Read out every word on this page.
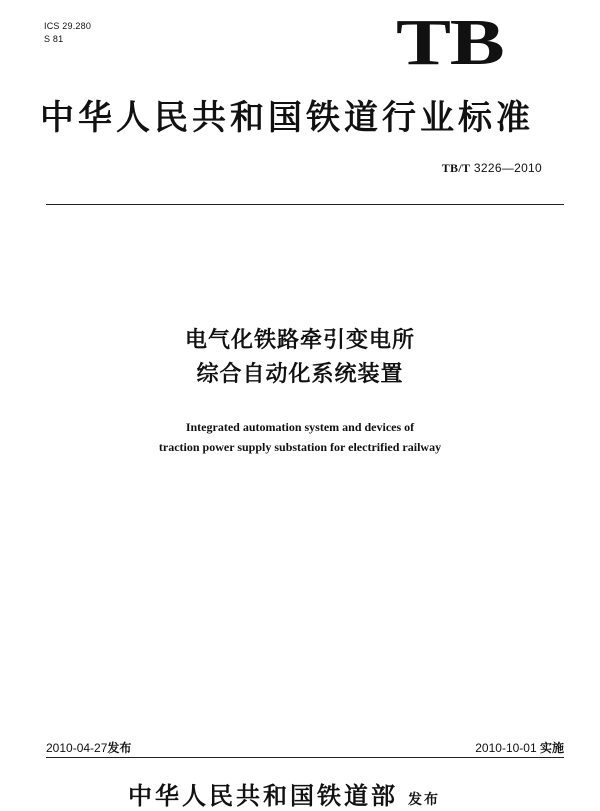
ICS 29.280
S 81	TB
中华人民共和国铁道行业标准
TB/T 3226—2010
电气化铁路牵引变电所
综合自动化系统装置
Integrated automation system and devices of
traction power supply substation for electrified railway
2010-04-27发布	2010-10-01 实施
中华人民共和国铁道部 发布
